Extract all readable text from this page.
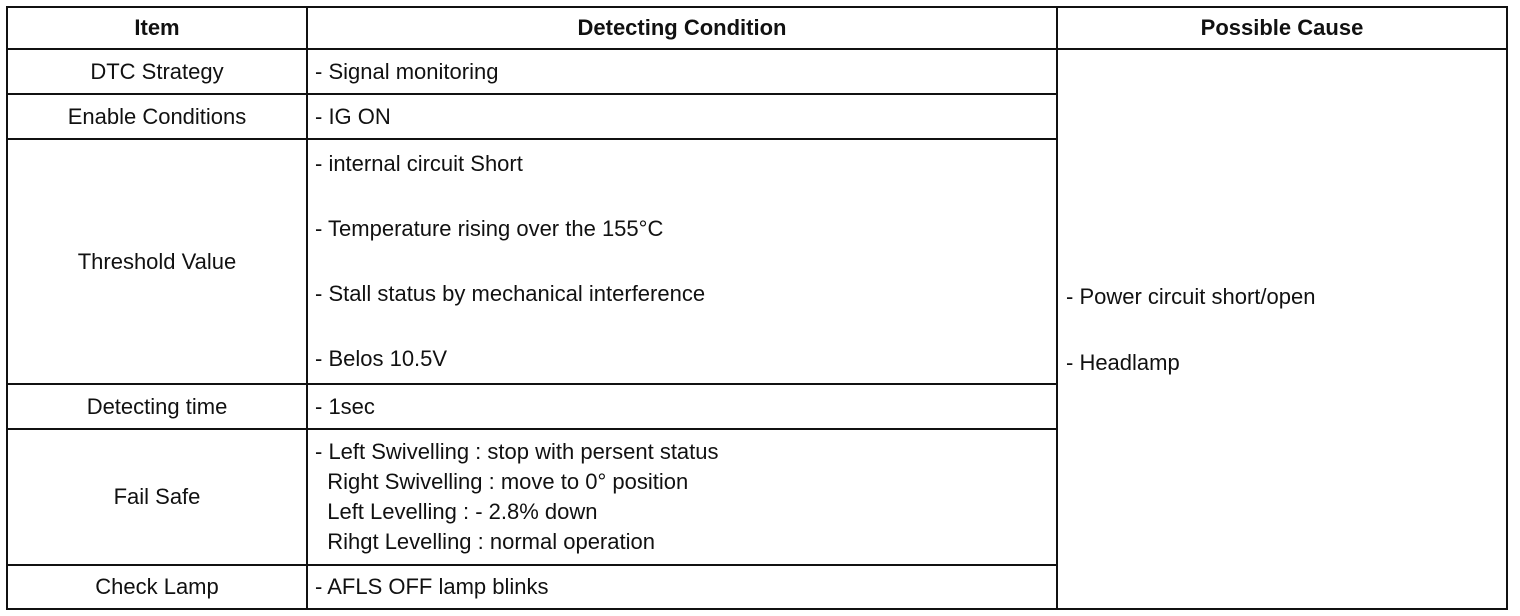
Item	Detecting Condition	Possible Cause
DTC Strategy	- Signal monitoring	- Power circuit short/open
- Headlamp

Enable Conditions	- IG ON	

Threshold Value	- internal circuit Short
- Temperature rising over the 155°C
- Stall status by mechanical interference
- Belos 10.5V	

Detecting time	- 1sec	

Fail Safe	- Left Swivelling : stop with persent status
Right Swivelling : move to 0° position
Left Levelling : - 2.8% down
Rihgt Levelling : normal operation	

Check Lamp	- AFLS OFF lamp blinks	
